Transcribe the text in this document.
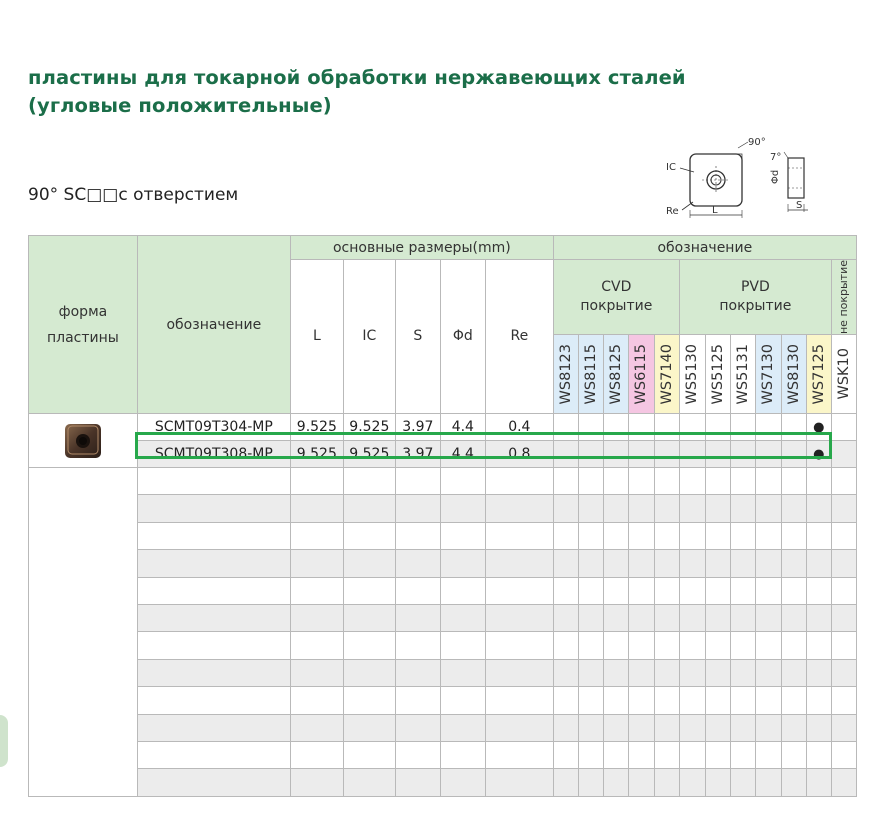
пластины для токарной обработки нержавеющих сталей
(угловые положительные)
90° SC□□с отверстием
IC
Re	L
90°
7°
Φd
S
форма пластины	обозначение	основные размеры(mm)					обозначение											
		L	IC	S	Φd	Re	CVD покрытие					PVD покрытие						не покрытие

							WS8123	WS8115	WS8125	WS6115	WS7140	WS5130	WS5125	WS5131	WS7130	WS8130	WS7125	WSK10

	SCMT09T304-MP	9.525	9.525	3.97	4.4	0.4											●	
	SCMT09T308-MP	9.525	9.525	3.97	4.4	0.8											●	
